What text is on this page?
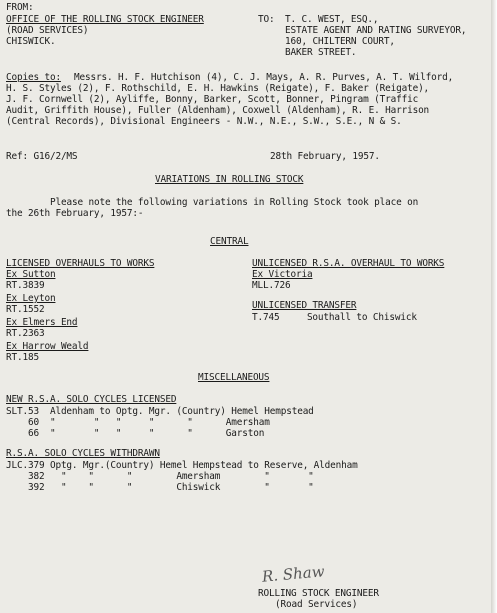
FROM:
OFFICE OF THE ROLLING STOCK ENGINEER
(ROAD SERVICES)
CHISWICK.
TO: T. C. WEST, ESQ.,
ESTATE AGENT AND RATING SURVEYOR,
160, CHILTERN COURT,
BAKER STREET.
Copies to: Messrs. H. F. Hutchison (4), C. J. Mays, A. R. Purves, A. T. Wilford,
H. S. Styles (2), F. Rothschild, E. H. Hawkins (Reigate), F. Baker (Reigate),
J. F. Cornwell (2), Ayliffe, Bonny, Barker, Scott, Bonner, Pingram (Traffic
Audit, Griffith House), Fuller (Aldenham), Coxwell (Aldenham), R. E. Harrison
(Central Records), Divisional Engineers - N.W., N.E., S.W., S.E., N & S.
Ref: G16/2/MS	28th February, 1957.
VARIATIONS IN ROLLING STOCK
Please note the following variations in Rolling Stock took place on
the 26th February, 1957:-
CENTRAL
LICENSED OVERHAULS TO WORKS
Ex Sutton
RT.3839
Ex Leyton
RT.1552
Ex Elmers End
RT.2363
Ex Harrow Weald
RT.185
UNLICENSED R.S.A. OVERHAUL TO WORKS
Ex Victoria
MLL.726
UNLICENSED TRANSFER
T.745     Southall to Chiswick
MISCELLANEOUS
NEW R.S.A. SOLO CYCLES LICENSED
SLT.53  Aldenham to Optg. Mgr. (Country) Hemel Hempstead
60  "       "   "     "      "      Amersham
66  "       "   "     "      "      Garston
R.S.A. SOLO CYCLES WITHDRAWN
JLC.379 Optg. Mgr.(Country) Hemel Hempstead to Reserve, Aldenham
382   "    "      "        Amersham        "       "
392   "    "      "        Chiswick        "       "
R. Shaw
ROLLING STOCK ENGINEER
(Road Services)
